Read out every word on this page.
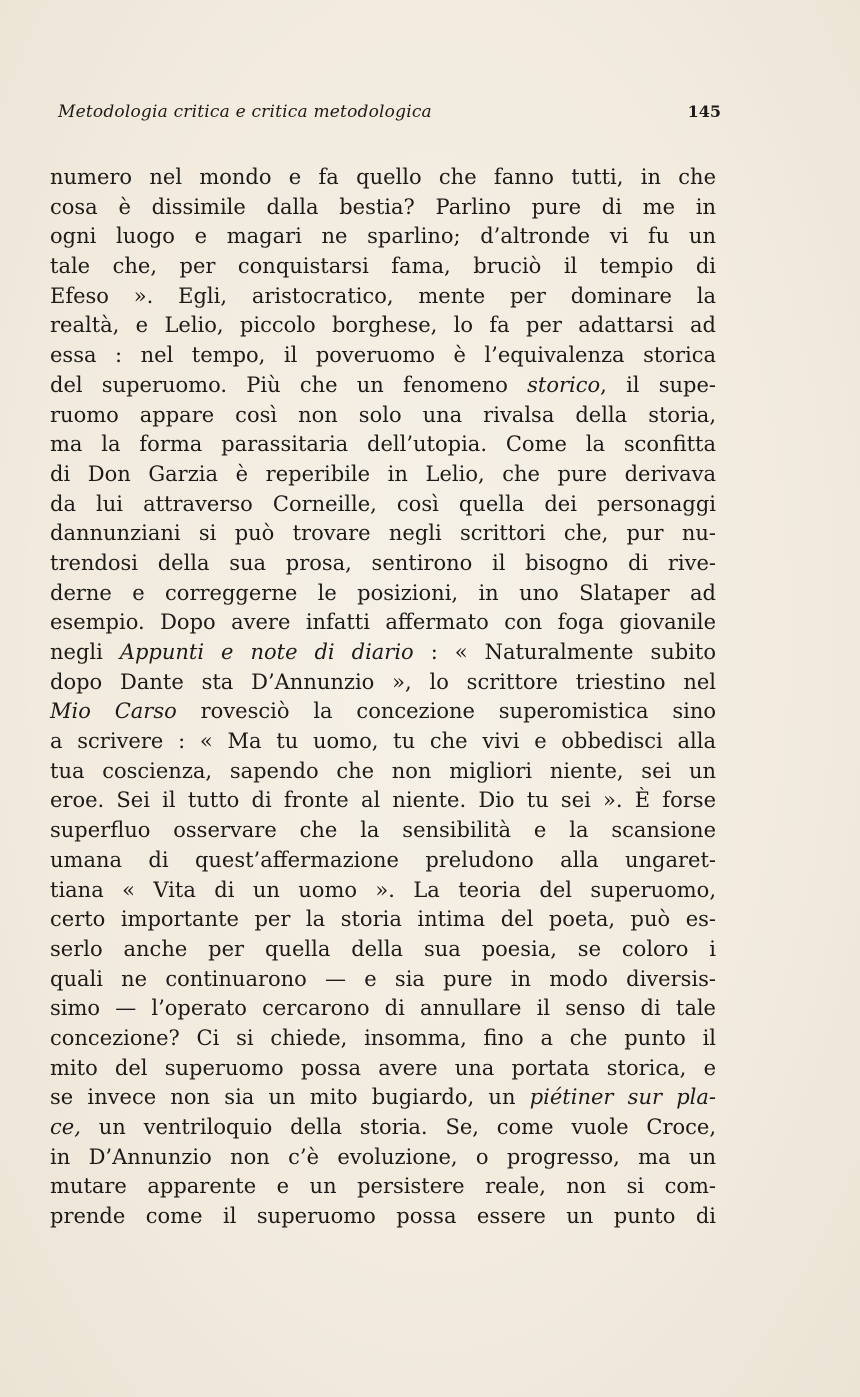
Metodologia critica e critica metodologica	145
numero nel mondo e fa quello che fanno tutti, in che
cosa è dissimile dalla bestia? Parlino pure di me in
ogni luogo e magari ne sparlino; d’altronde vi fu un
tale che, per conquistarsi fama, bruciò il tempio di
Efeso ». Egli, aristocratico, mente per dominare la
realtà, e Lelio, piccolo borghese, lo fa per adattarsi ad
essa : nel tempo, il poveruomo è l’equivalenza storica
del superuomo. Più che un fenomeno storico, il supe-
ruomo appare così non solo una rivalsa della storia,
ma la forma parassitaria dell’utopia. Come la sconfitta
di Don Garzia è reperibile in Lelio, che pure derivava
da lui attraverso Corneille, così quella dei personaggi
dannunziani si può trovare negli scrittori che, pur nu-
trendosi della sua prosa, sentirono il bisogno di rive-
derne e correggerne le posizioni, in uno Slataper ad
esempio. Dopo avere infatti affermato con foga giovanile
negli Appunti e note di diario : « Naturalmente subito
dopo Dante sta D’Annunzio », lo scrittore triestino nel
Mio Carso rovesciò la concezione superomistica sino
a scrivere : « Ma tu uomo, tu che vivi e obbedisci alla
tua coscienza, sapendo che non migliori niente, sei un
eroe. Sei il tutto di fronte al niente. Dio tu sei ». È forse
superfluo osservare che la sensibilità e la scansione
umana di quest’affermazione preludono alla ungaret-
tiana « Vita di un uomo ». La teoria del superuomo,
certo importante per la storia intima del poeta, può es-
serlo anche per quella della sua poesia, se coloro i
quali ne continuarono — e sia pure in modo diversis-
simo — l’operato cercarono di annullare il senso di tale
concezione? Ci si chiede, insomma, fino a che punto il
mito del superuomo possa avere una portata storica, e
se invece non sia un mito bugiardo, un piétiner sur pla-
ce, un ventriloquio della storia. Se, come vuole Croce,
in D’Annunzio non c’è evoluzione, o progresso, ma un
mutare apparente e un persistere reale, non si com-
prende come il superuomo possa essere un punto di
